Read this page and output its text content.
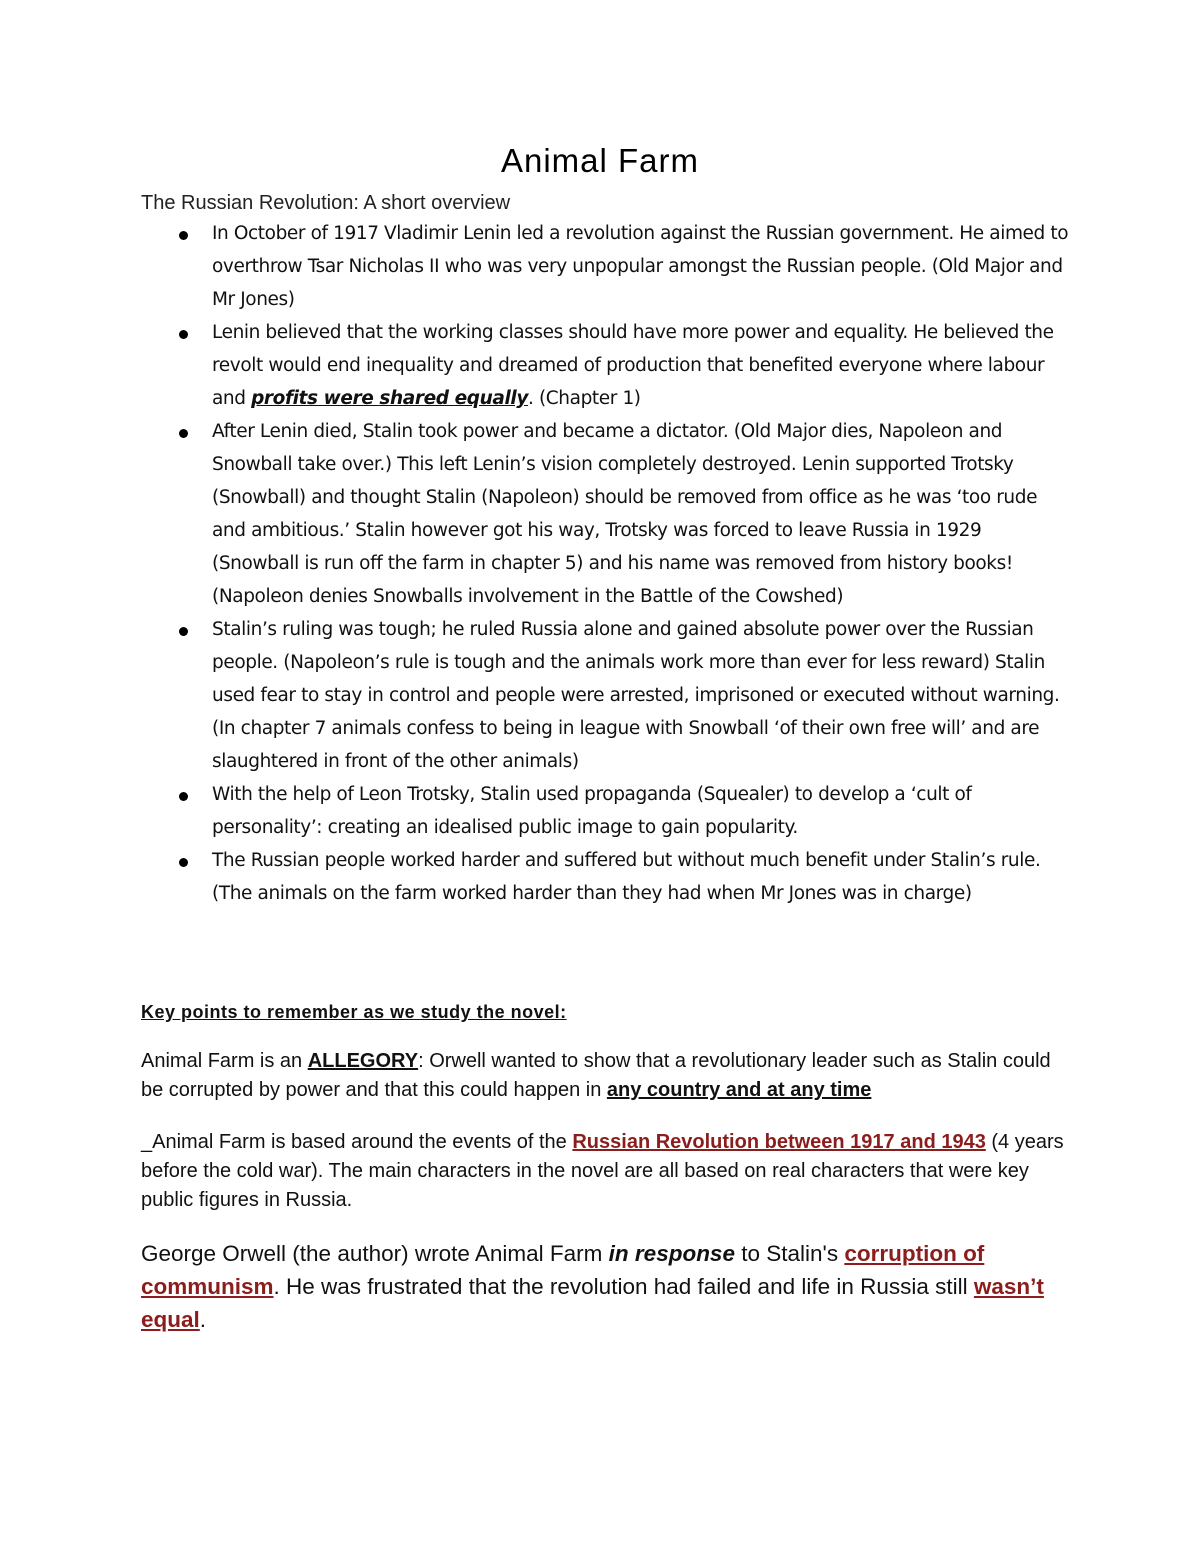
Animal Farm
The Russian Revolution: A short overview
In October of 1917 Vladimir Lenin led a revolution against the Russian government. He aimed to overthrow Tsar Nicholas II who was very unpopular amongst the Russian people. (Old Major and Mr Jones)
Lenin believed that the working classes should have more power and equality. He believed the revolt would end inequality and dreamed of production that benefited everyone where labour and profits were shared equally. (Chapter 1)
After Lenin died, Stalin took power and became a dictator. (Old Major dies, Napoleon and Snowball take over.) This left Lenin’s vision completely destroyed. Lenin supported Trotsky (Snowball) and thought Stalin (Napoleon) should be removed from office as he was ‘too rude and ambitious.’ Stalin however got his way, Trotsky was forced to leave Russia in 1929 (Snowball is run off the farm in chapter 5) and his name was removed from history books! (Napoleon denies Snowballs involvement in the Battle of the Cowshed)
Stalin’s ruling was tough; he ruled Russia alone and gained absolute power over the Russian people. (Napoleon’s rule is tough and the animals work more than ever for less reward) Stalin used fear to stay in control and people were arrested, imprisoned or executed without warning. (In chapter 7 animals confess to being in league with Snowball ‘of their own free will’ and are slaughtered in front of the other animals)
With the help of Leon Trotsky, Stalin used propaganda (Squealer) to develop a ‘cult of personality’: creating an idealised public image to gain popularity.
The Russian people worked harder and suffered but without much benefit under Stalin’s rule. (The animals on the farm worked harder than they had when Mr Jones was in charge)
Key points to remember as we study the novel:
Animal Farm is an ALLEGORY: Orwell wanted to show that a revolutionary leader such as Stalin could be corrupted by power and that this could happen in any country and at any time
_Animal Farm is based around the events of the Russian Revolution between 1917 and 1943 (4 years before the cold war). The main characters in the novel are all based on real characters that were key public figures in Russia.
George Orwell (the author) wrote Animal Farm in response to Stalin's corruption of communism. He was frustrated that the revolution had failed and life in Russia still wasn’t equal.
